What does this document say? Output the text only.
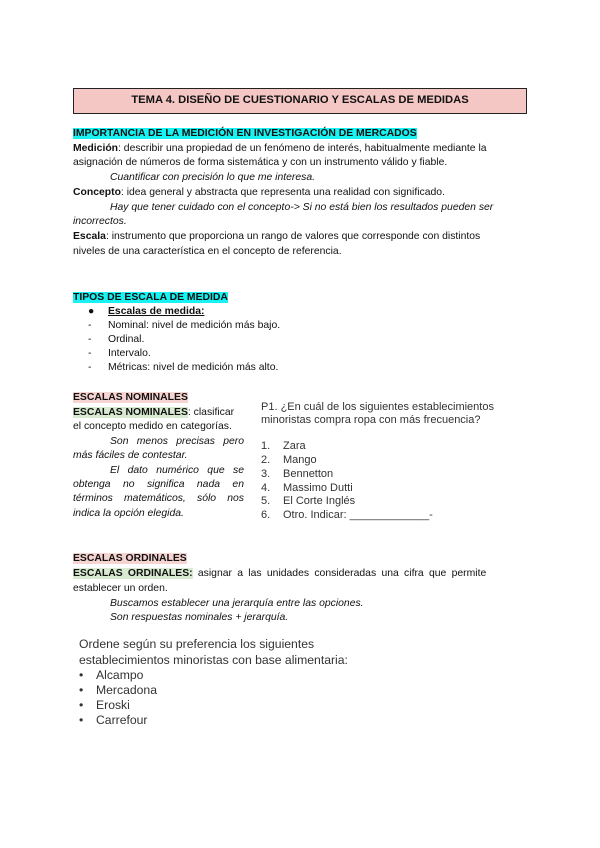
TEMA 4. DISEÑO DE CUESTIONARIO Y ESCALAS DE MEDIDAS
IMPORTANCIA DE LA MEDICIÓN EN INVESTIGACIÓN DE MERCADOS
Medición: describir una propiedad de un fenómeno de interés, habitualmente mediante la
asignación de números de forma sistemática y con un instrumento válido y fiable.
Cuantificar con precisión lo que me interesa.
Concepto: idea general y abstracta que representa una realidad con significado.
Hay que tener cuidado con el concepto-> Si no está bien los resultados pueden ser
incorrectos.
Escala: instrumento que proporciona un rango de valores que corresponde con distintos
niveles de una característica en el concepto de referencia.
TIPOS DE ESCALA DE MEDIDA
●	Escalas de medida:
-	Nominal: nivel de medición más bajo.
-	Ordinal.
-	Intervalo.
-	Métricas: nivel de medición más alto.
ESCALAS NOMINALES
ESCALAS NOMINALES: clasificar
el concepto medido en categorías.
Son menos precisas pero
más fáciles de contestar.
El dato numérico que se
obtenga no significa nada en
términos matemáticos, sólo nos
indica la opción elegida.
P1. ¿En cuál de los siguientes establecimientos
minoristas compra ropa con más frecuencia?
1.	Zara
2.	Mango
3.	Bennetton
4.	Massimo Dutti
5.	El Corte Inglés
6.	Otro. Indicar: _____________-
ESCALAS ORDINALES
ESCALAS ORDINALES: asignar a las unidades consideradas una cifra que permite
establecer un orden.
Buscamos establecer una jerarquía entre las opciones.
Son respuestas nominales + jerarquía.
Ordene según su preferencia los siguientes
establecimientos minoristas con base alimentaria:
• Alcampo
• Mercadona
• Eroski
• Carrefour
